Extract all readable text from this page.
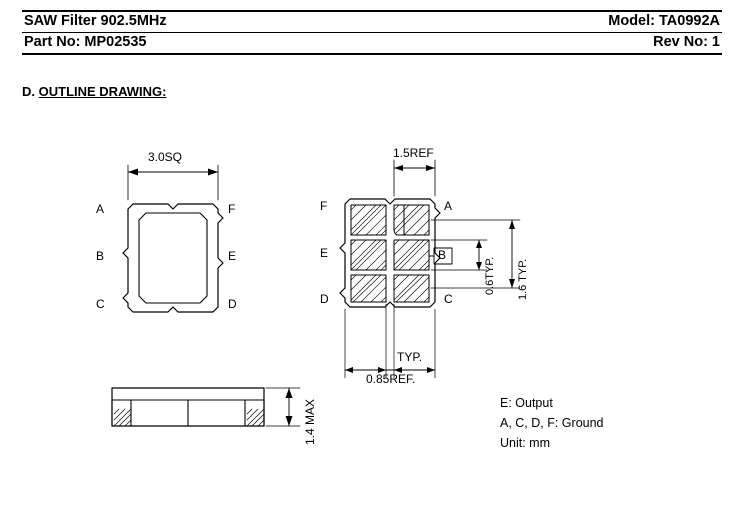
SAW Filter 902.5MHz	Model: TA0992A
Part No: MP02535	Rev No: 1
D. OUTLINE DRAWING:
3.0SQ
A	F
B	E
C	D
1.4 MAX
1.5REF
F	A
E
D	C
B
0.6TYP. 1.6 TYP.
TYP.
0.85REF.
E: Output
A, C, D, F: Ground
Unit: mm
